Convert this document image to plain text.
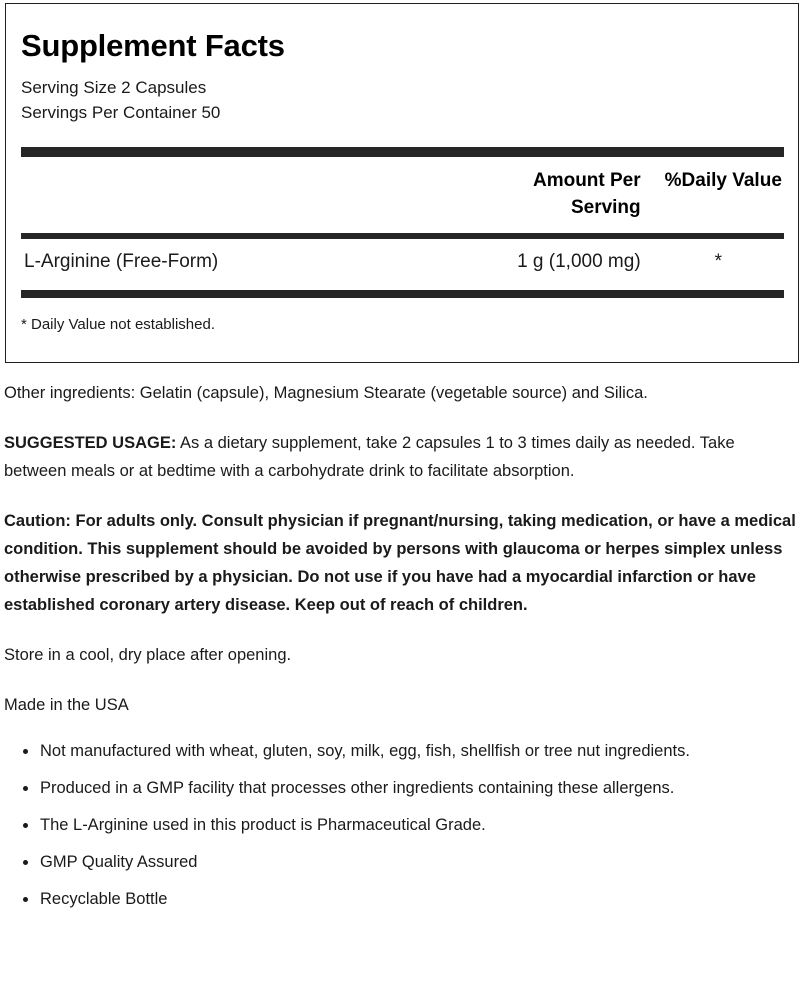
Supplement Facts
Serving Size 2 Capsules
Servings Per Container 50
	Amount Per Serving	%Daily Value
L-Arginine (Free-Form)	1 g (1,000 mg)	*

* Daily Value not established.

Other ingredients: Gelatin (capsule), Magnesium Stearate (vegetable source) and Silica.

SUGGESTED USAGE: As a dietary supplement, take 2 capsules 1 to 3 times daily as needed. Take between meals or at bedtime with a carbohydrate drink to facilitate absorption.

Caution: For adults only. Consult physician if pregnant/nursing, taking medication, or have a medical condition. This supplement should be avoided by persons with glaucoma or herpes simplex unless otherwise prescribed by a physician. Do not use if you have had a myocardial infarction or have established coronary artery disease. Keep out of reach of children.

Store in a cool, dry place after opening.

Made in the USA

Not manufactured with wheat, gluten, soy, milk, egg, fish, shellfish or tree nut ingredients.
Produced in a GMP facility that processes other ingredients containing these allergens.
The L-Arginine used in this product is Pharmaceutical Grade.
GMP Quality Assured
Recyclable Bottle
